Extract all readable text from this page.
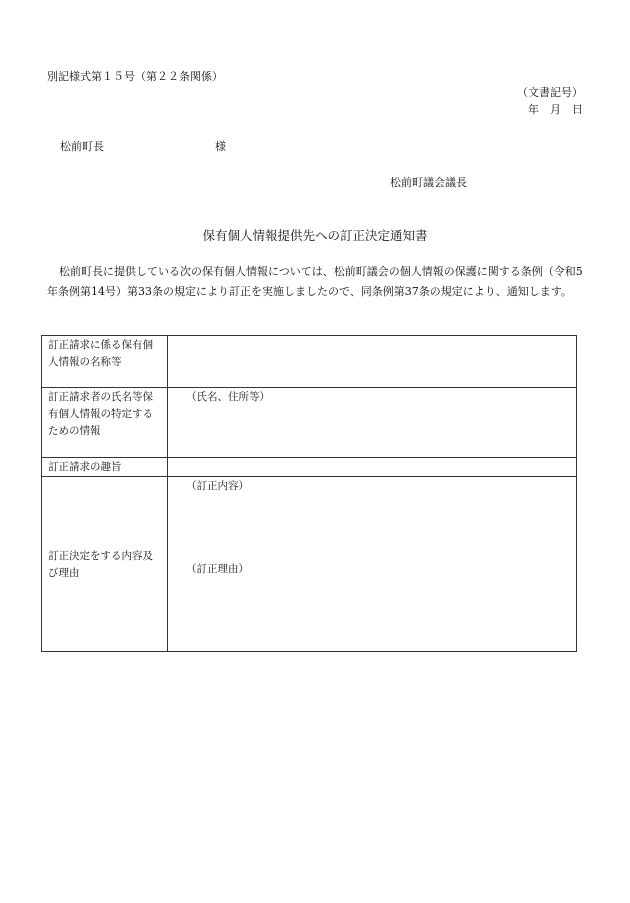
別記様式第１５号（第２２条関係）
（文書記号）
年　月　日
松前町長	様
松前町議会議長
保有個人情報提供先への訂正決定通知書
松前町長に提供している次の保有個人情報については、松前町議会の個人情報の保護に関する条例（令和5年条例第14号）第33条の規定により訂正を実施しましたので、同条例第37条の規定により、通知します。
訂正請求に係る保有個人情報の名称等	
訂正請求者の氏名等保有個人情報の特定するための情報	（氏名、住所等）

訂正請求の趣旨	
訂正決定をする内容及び理由	（訂正内容）
（訂正理由）
